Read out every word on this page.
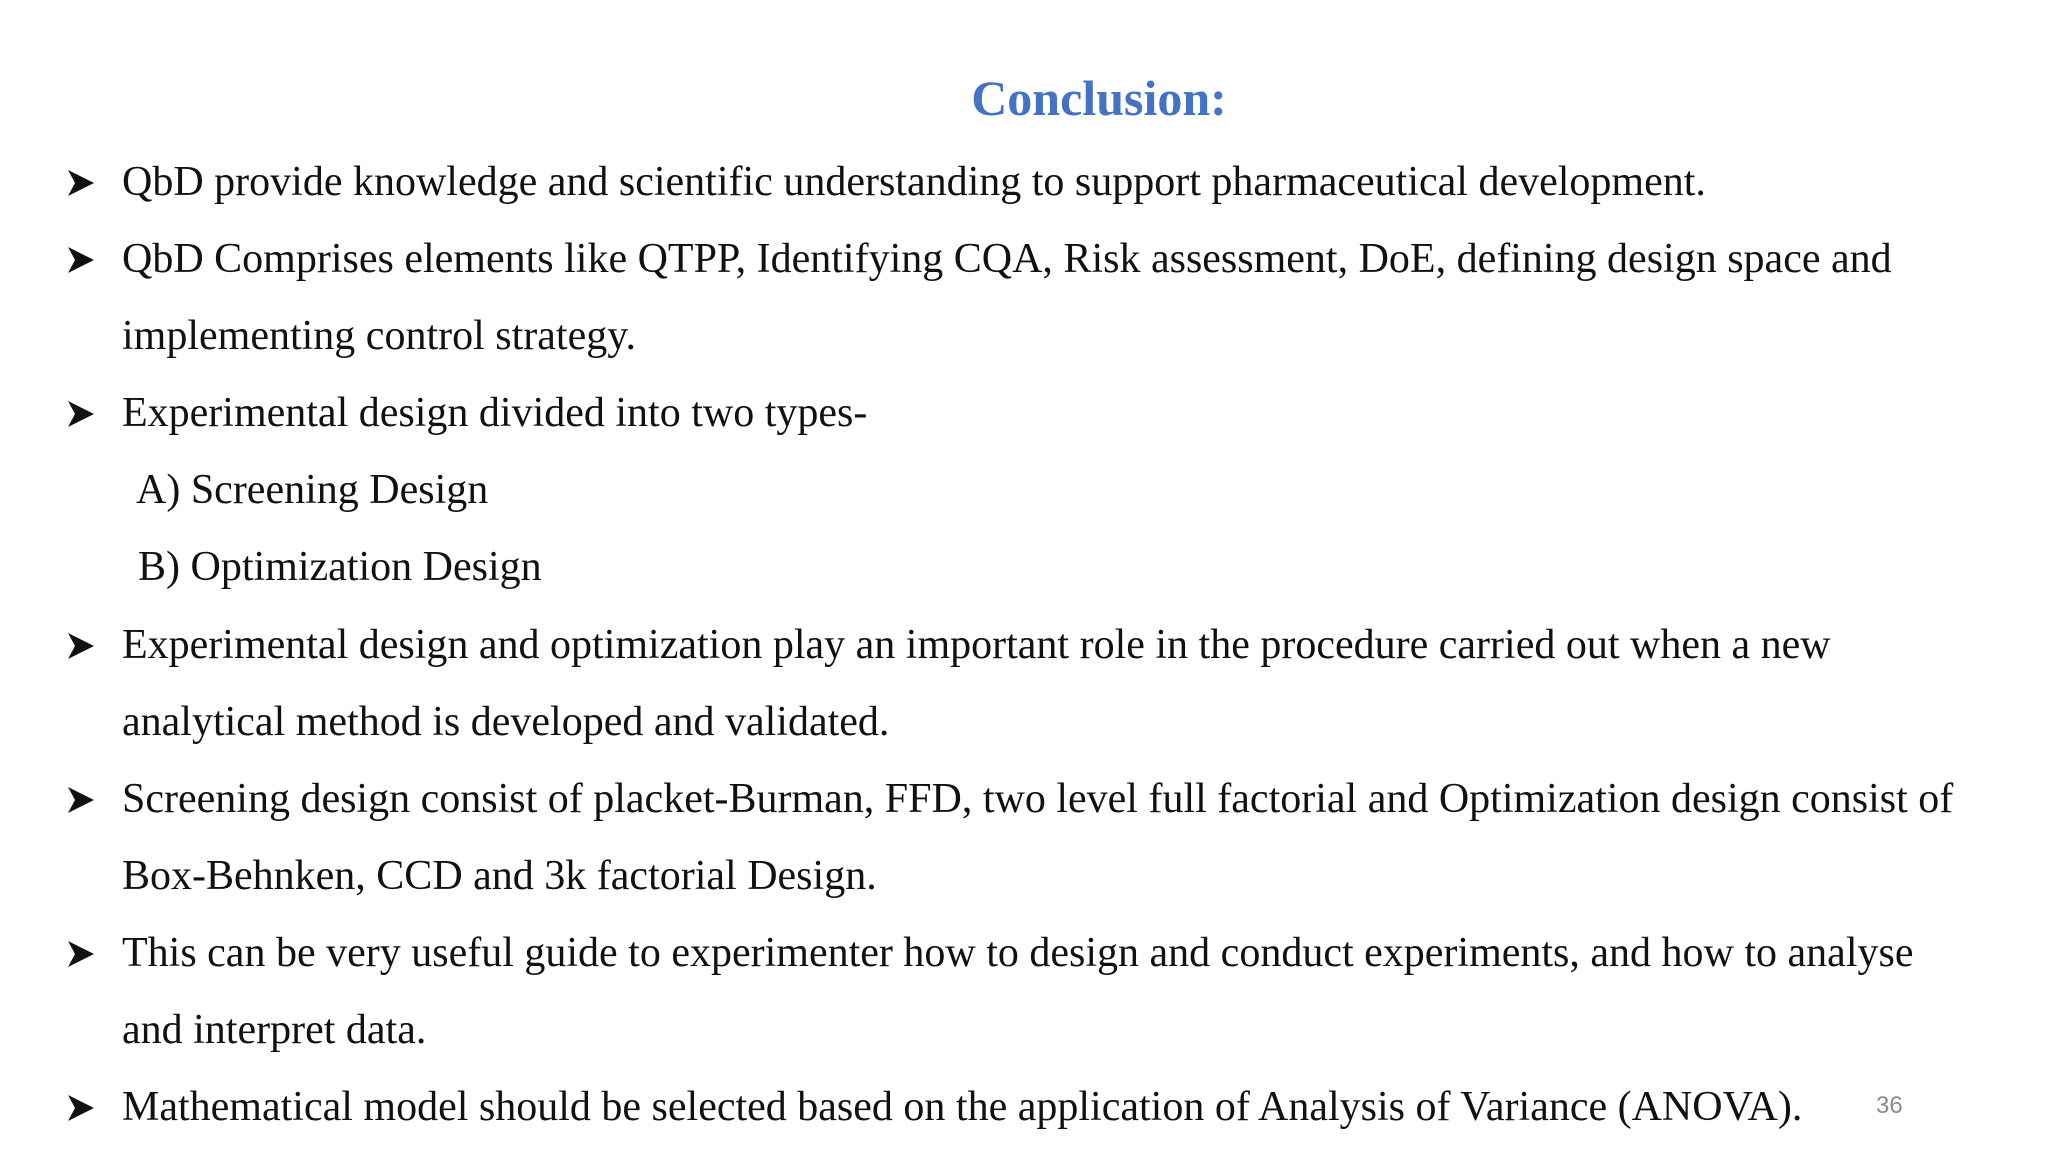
Conclusion:
QbD provide knowledge and scientific understanding to support pharmaceutical development.
QbD Comprises elements like QTPP, Identifying CQA, Risk assessment, DoE, defining design space and
implementing control strategy.
Experimental design divided into two types-
A) Screening Design
B) Optimization Design
Experimental design and optimization play an important role in the procedure carried out when a new
analytical method is developed and validated.
Screening design consist of placket-Burman, FFD, two level full factorial and Optimization design consist of
Box-Behnken, CCD and 3k factorial Design.
This can be very useful guide to experimenter how to design and conduct experiments, and how to analyse
and interpret data.
Mathematical model should be selected based on the application of Analysis of Variance (ANOVA).	36
